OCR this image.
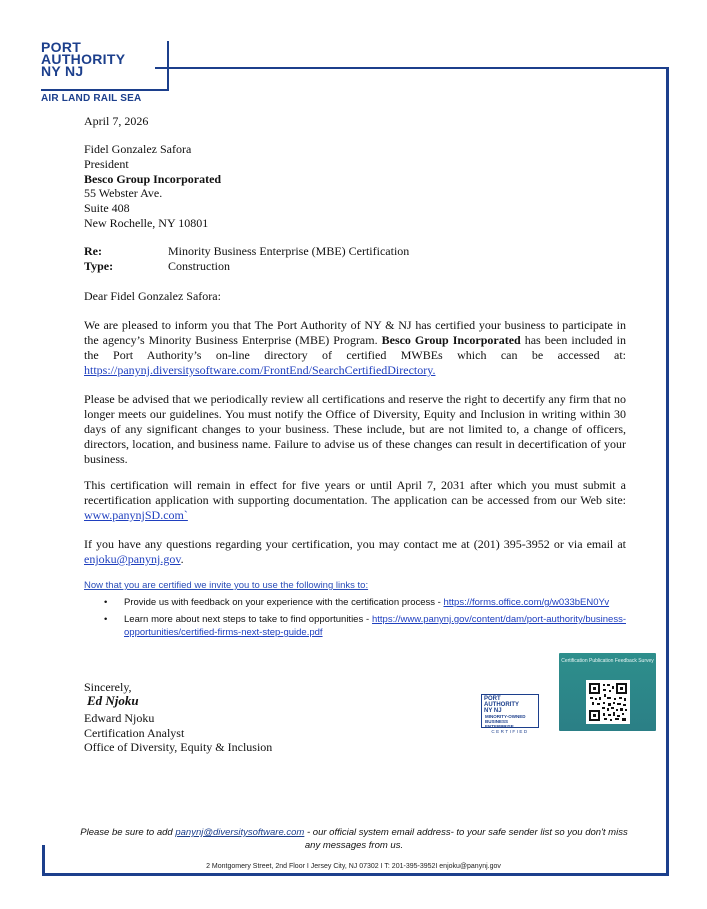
PORT
AUTHORITY
NY NJ
AIR LAND RAIL SEA
April 7, 2026
Fidel Gonzalez Safora
President
Besco Group Incorporated
55 Webster Ave.
Suite 408
New Rochelle, NY 10801
Re:	Minority Business Enterprise (MBE) Certification
Type:	Construction
Dear Fidel Gonzalez Safora:
We are pleased to inform you that The Port Authority of NY & NJ has certified your business to participate in the agency’s Minority Business Enterprise (MBE) Program. Besco Group Incorporated has been included in the Port Authority’s on-line directory of certified MWBEs which can be accessed at: https://panynj.diversitysoftware.com/FrontEnd/SearchCertifiedDirectory.
Please be advised that we periodically review all certifications and reserve the right to decertify any firm that no longer meets our guidelines. You must notify the Office of Diversity, Equity and Inclusion in writing within 30 days of any significant changes to your business. These include, but are not limited to, a change of officers, directors, location, and business name. Failure to advise us of these changes can result in decertification of your business.
This certification will remain in effect for five years or until April 7, 2031 after which you must submit a recertification application with supporting documentation. The application can be accessed from our Web site: www.panynjSD.com`
If you have any questions regarding your certification, you may contact me at (201) 395-3952 or via email at enjoku@panynj.gov.
Now that you are certified we invite you to use the following links to:
• Provide us with feedback on your experience with the certification process - https://forms.office.com/g/w033bEN0Yv
• Learn more about next steps to take to find opportunities - https://www.panynj.gov/content/dam/port-authority/business-opportunities/certified-firms-next-step-guide.pdf
Sincerely,
Ed Njoku
Edward Njoku
Certification Analyst
Office of Diversity, Equity & Inclusion
PORT
AUTHORITY
NY NJ
MINORITY-OWNED
BUSINESS
ENTERPRISE
CERTIFIED
Certification Publication Feedback Survey
Please be sure to add panynj@diversitysoftware.com - our official system email address- to your safe sender list so you don't miss any messages from us.
2 Montgomery Street, 2nd Floor I Jersey City, NJ 07302 I T: 201-395-3952I enjoku@panynj.gov
